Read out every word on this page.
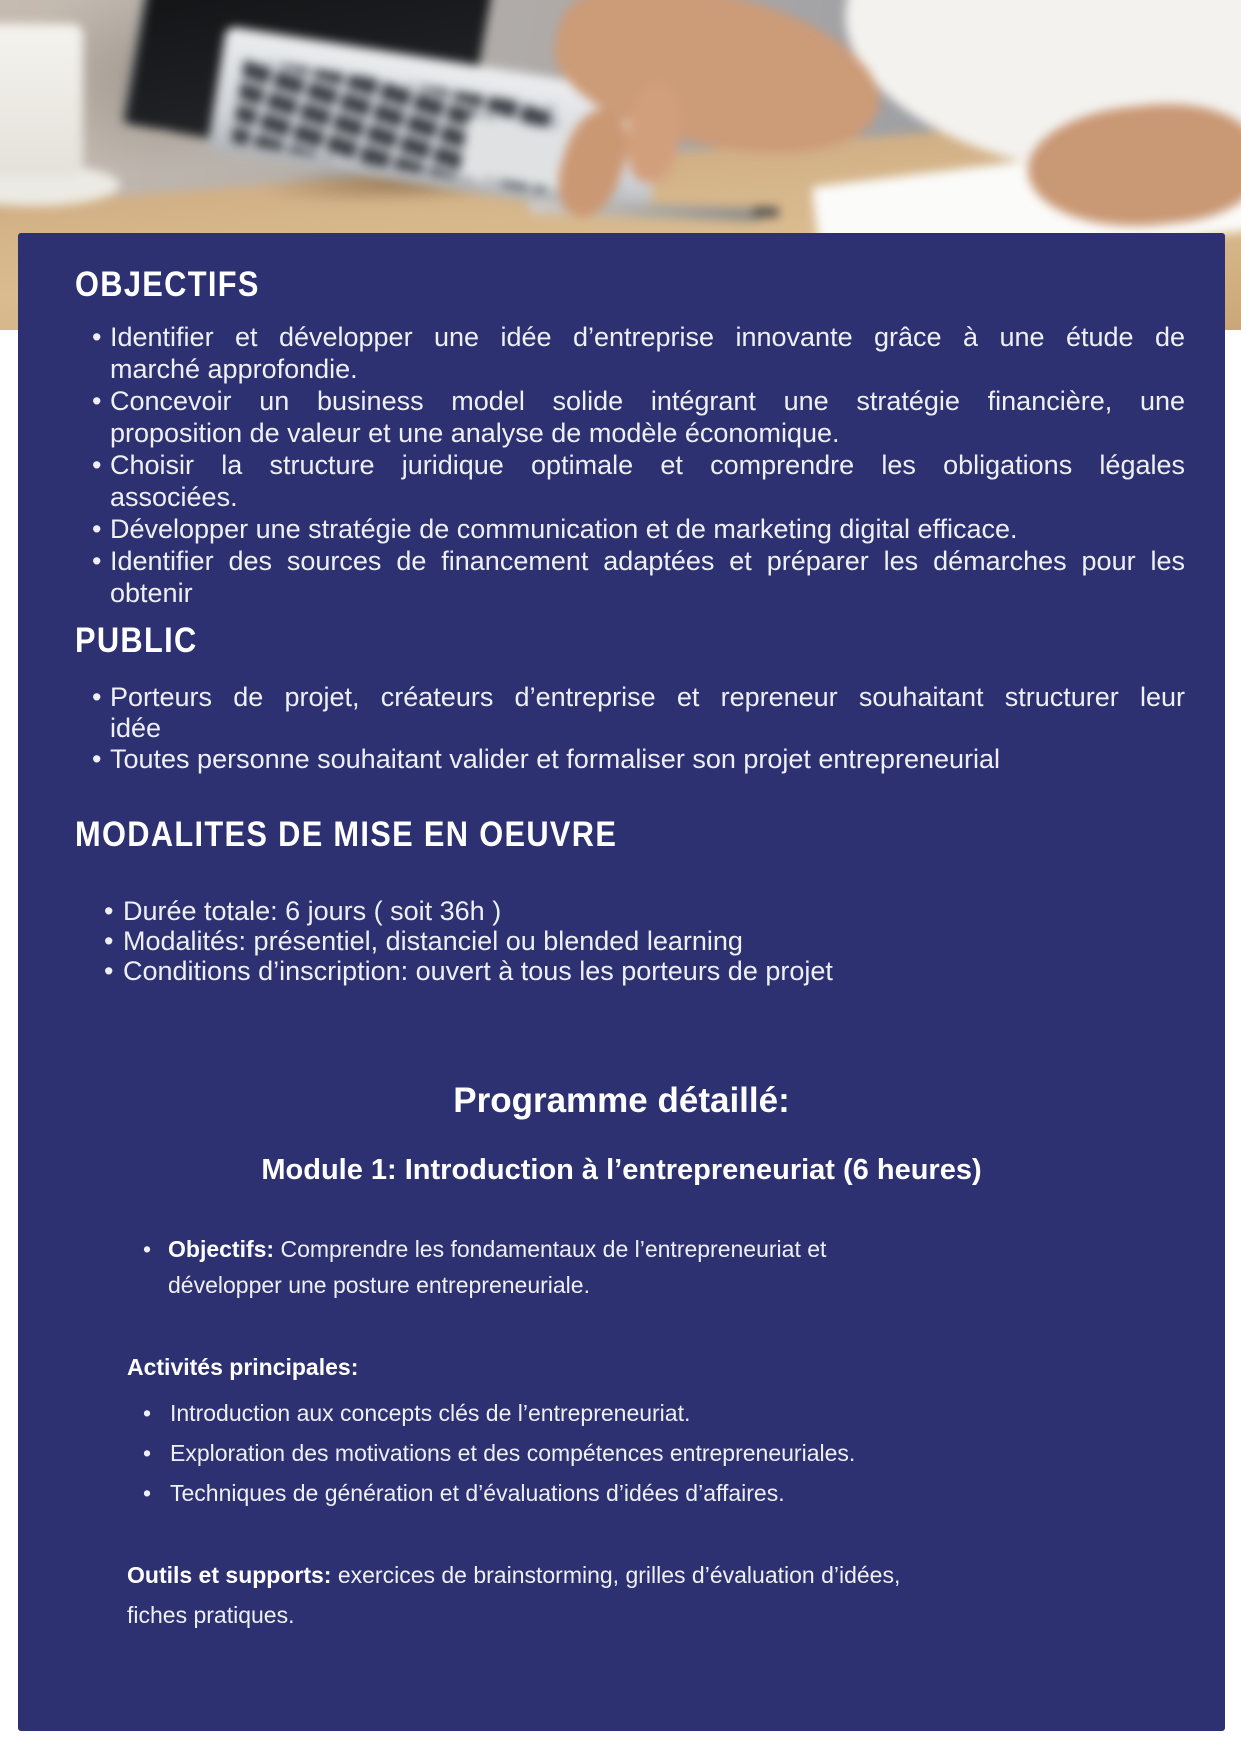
OBJECTIFS
• Identifier et développer une idée d’entreprise innovante grâce à une étude de
marché approfondie.
• Concevoir un business model solide intégrant une stratégie financière, une
proposition de valeur et une analyse de modèle économique.
• Choisir la structure juridique optimale et comprendre les obligations légales
associées.
• Développer une stratégie de communication et de marketing digital efficace.
• Identifier des sources de financement adaptées et préparer les démarches pour les
obtenir
PUBLIC
• Porteurs de projet, créateurs d’entreprise et repreneur souhaitant structurer leur
idée
• Toutes personne souhaitant valider et formaliser son projet entrepreneurial
MODALITES DE MISE EN OEUVRE
• Durée totale: 6 jours ( soit 36h )
• Modalités: présentiel, distanciel ou blended learning
• Conditions d’inscription: ouvert à tous les porteurs de projet
Programme détaillé:
Module 1: Introduction à l’entrepreneuriat (6 heures)
• Objectifs: Comprendre les fondamentaux de l’entrepreneuriat et
développer une posture entrepreneuriale.
Activités principales:
• Introduction aux concepts clés de l’entrepreneuriat.
• Exploration des motivations et des compétences entrepreneuriales.
• Techniques de génération et d’évaluations d’idées d’affaires.
Outils et supports: exercices de brainstorming, grilles d’évaluation d’idées,
fiches pratiques.
